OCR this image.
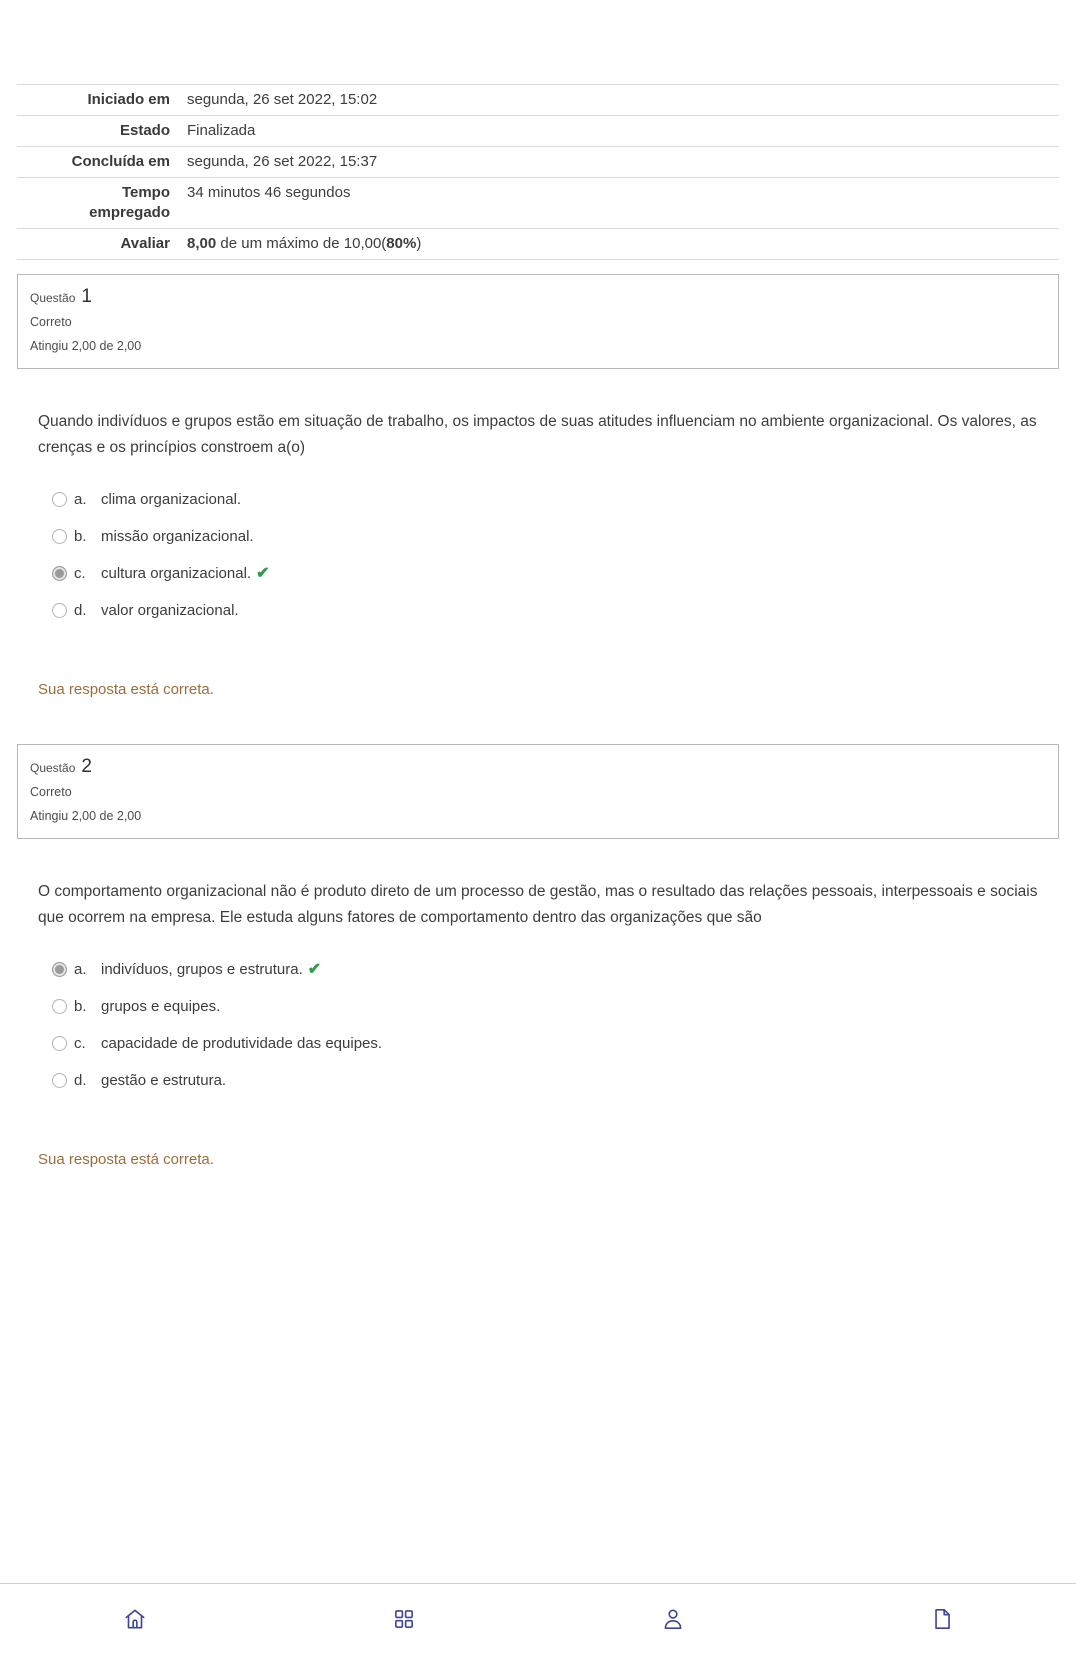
Iniciado em segunda, 26 set 2022, 15:02
Estado Finalizada
Concluída em segunda, 26 set 2022, 15:37
Tempo empregado
34 minutos 46 segundos
Avaliar 8,00 de um máximo de 10,00(80%)
Questão 1
Correto
Atingiu 2,00 de 2,00
Quando indivíduos e grupos estão em situação de trabalho, os impactos de suas atitudes influenciam no ambiente organizacional. Os valores, as crenças e os princípios constroem a(o)
a. clima organizacional.
b. missão organizacional.
c.	cultura organizacional. ✔
d. valor organizacional.
Sua resposta está correta.
Questão 2
Correto
Atingiu 2,00 de 2,00
O comportamento organizacional não é produto direto de um processo de gestão, mas o resultado das relações pessoais, interpessoais e sociais que ocorrem na empresa. Ele estuda alguns fatores de comportamento dentro das organizações que são
a. indivíduos, grupos e estrutura. ✔
b. grupos e equipes.
c.	capacidade de produtividade das equipes.
d. gestão e estrutura.
Sua resposta está correta.
